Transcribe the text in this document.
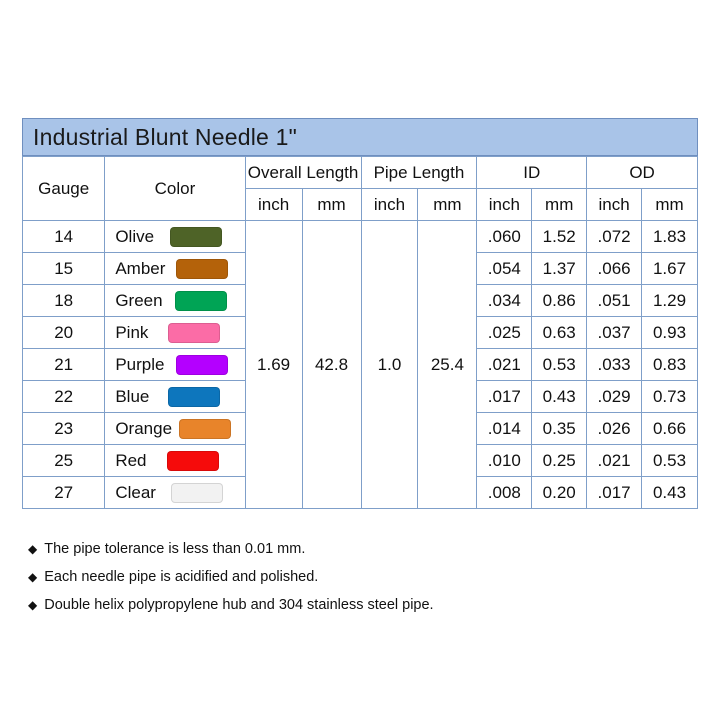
Industrial Blunt Needle 1"
Gauge	Color	Overall Length		Pipe Length		ID		OD	
		inch	mm	inch	mm	inch	mm	inch	mm
14	Olive	1.69	42.8	1.0	25.4	.060	1.52	.072	1.83
15	Amber					.054	1.37	.066	1.67
18	Green					.034	0.86	.051	1.29
20	Pink					.025	0.63	.037	0.93
21	Purple					.021	0.53	.033	0.83
22	Blue					.017	0.43	.029	0.73
23	Orange					.014	0.35	.026	0.66
25	Red					.010	0.25	.021	0.53
27	Clear					.008	0.20	.017	0.43
◆ The pipe tolerance is less than 0.01 mm.
◆ Each needle pipe is acidified and polished.
◆ Double helix polypropylene hub and 304 stainless steel pipe.
